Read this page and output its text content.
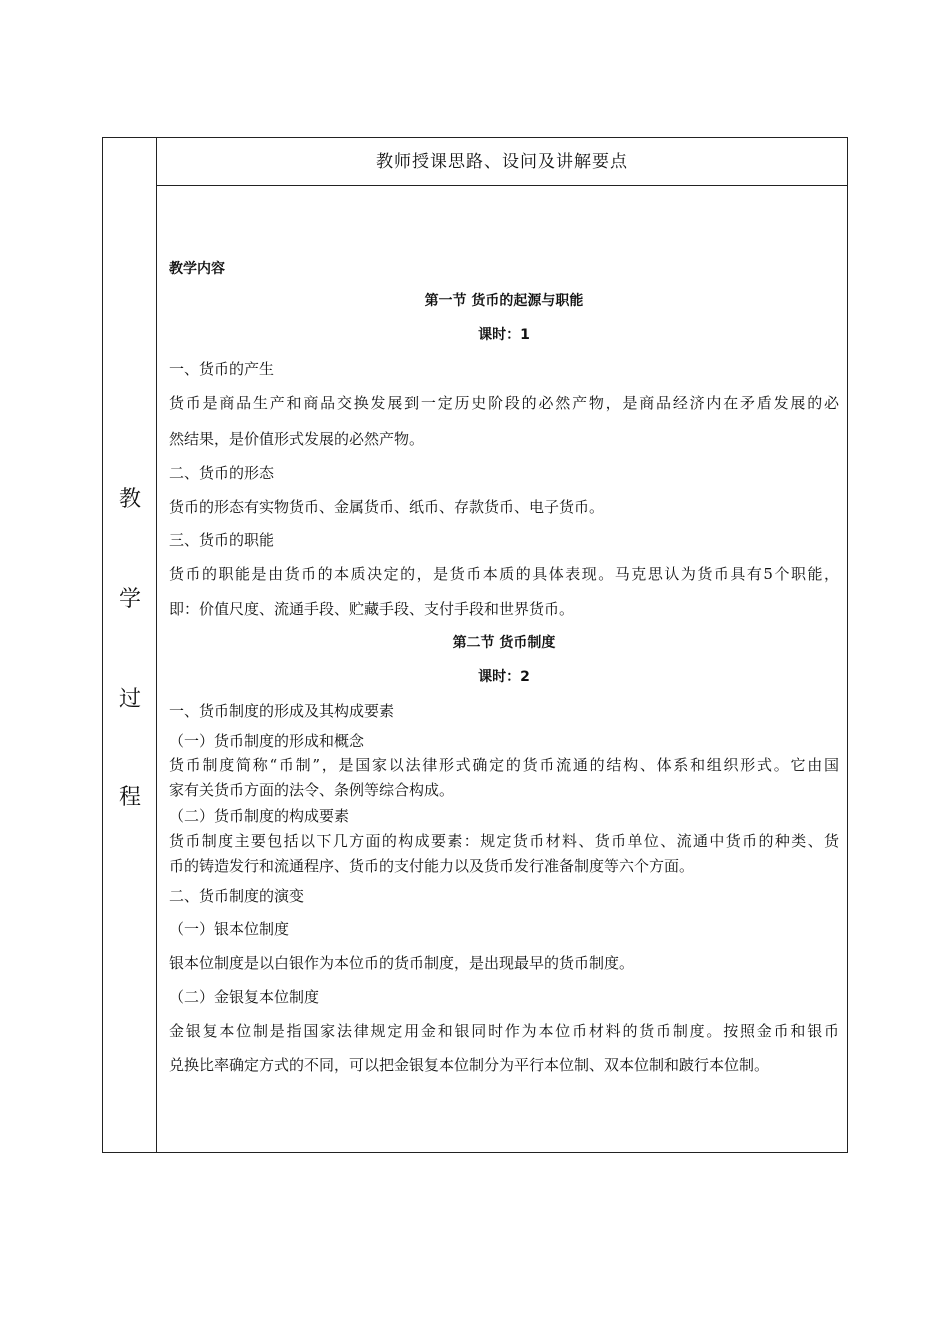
教
学
过
程
教师授课思路、设问及讲解要点
教学内容
第一节 货币的起源与职能
课时：1
一、货币的产生
货币是商品生产和商品交换发展到一定历史阶段的必然产物，是商品经济内在矛盾发展的必
然结果，是价值形式发展的必然产物。
二、货币的形态
货币的形态有实物货币、金属货币、纸币、存款货币、电子货币。
三、货币的职能
货币的职能是由货币的本质决定的，是货币本质的具体表现。马克思认为货币具有5个职能，
即：价值尺度、流通手段、贮藏手段、支付手段和世界货币。
第二节 货币制度
课时：2
一、货币制度的形成及其构成要素
（一）货币制度的形成和概念
货币制度简称“币制”，是国家以法律形式确定的货币流通的结构、体系和组织形式。它由国
家有关货币方面的法令、条例等综合构成。
（二）货币制度的构成要素
货币制度主要包括以下几方面的构成要素：规定货币材料、货币单位、流通中货币的种类、货
币的铸造发行和流通程序、货币的支付能力以及货币发行准备制度等六个方面。
二、货币制度的演变
（一）银本位制度
银本位制度是以白银作为本位币的货币制度，是出现最早的货币制度。
（二）金银复本位制度
金银复本位制是指国家法律规定用金和银同时作为本位币材料的货币制度。按照金币和银币
兑换比率确定方式的不同，可以把金银复本位制分为平行本位制、双本位制和跛行本位制。
